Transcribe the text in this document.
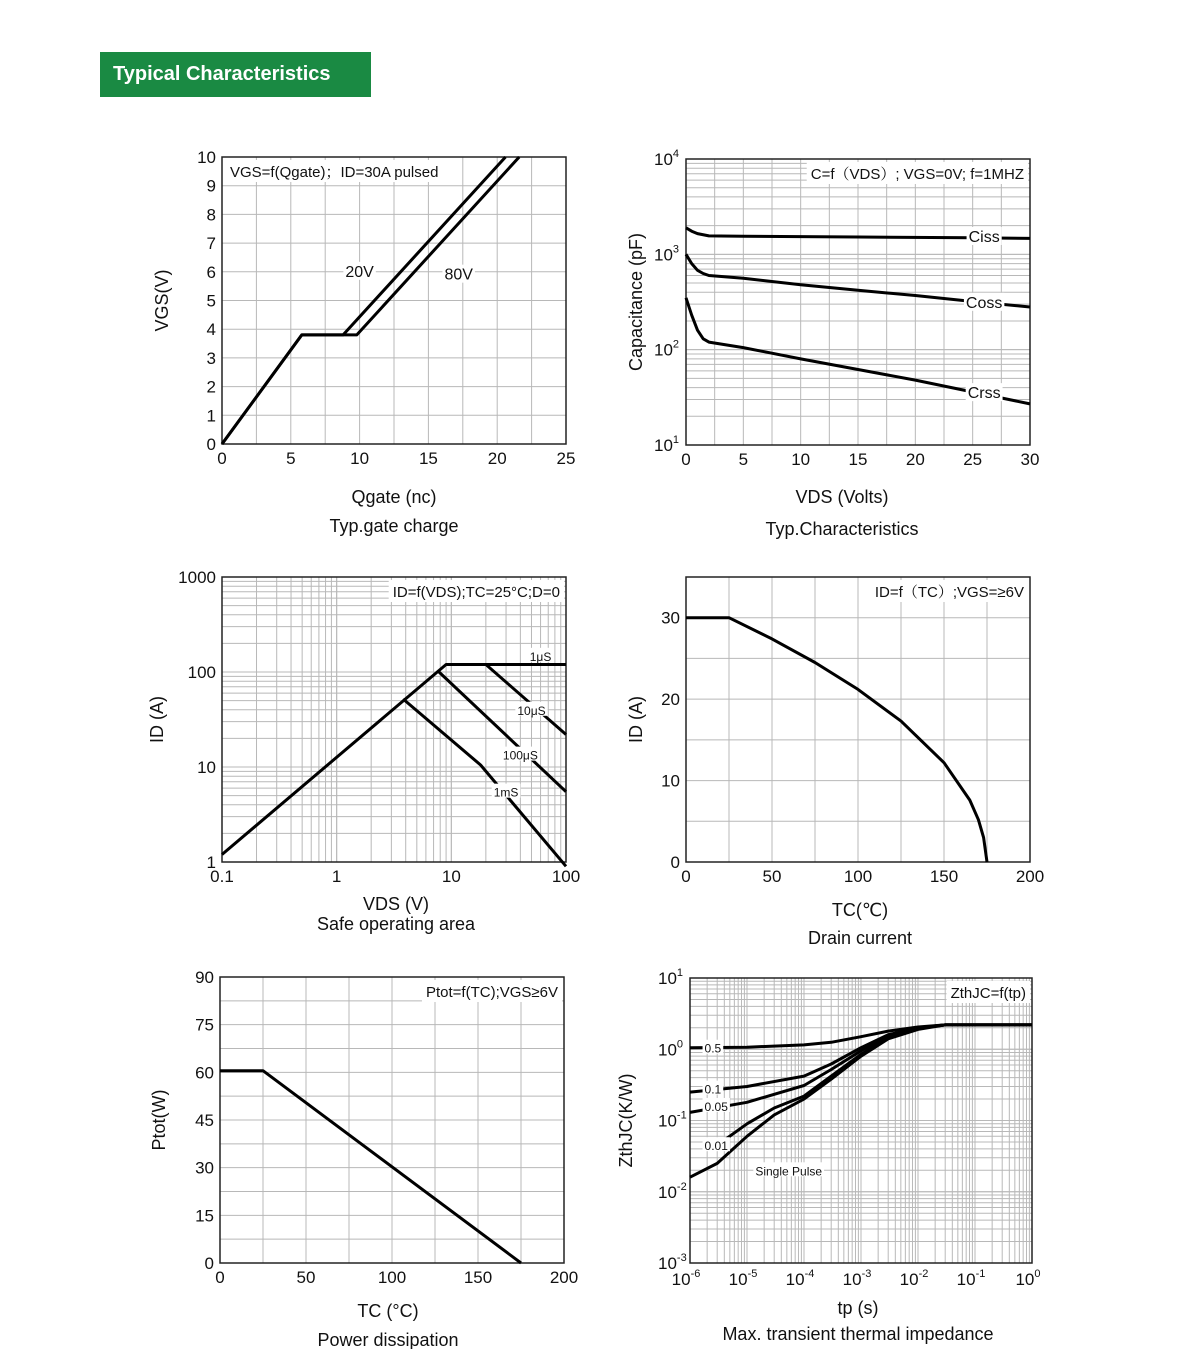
Typical Characteristics
0	5	10	15	20	25
0
1
2
3
4
5
6
7
8
9
10
VGS=f(Qgate)；ID=30A pulsed
20V	80V
Qgate (nc)
VGS(V)
Typ.gate charge
0	5	10 15 20 25 30
$10^1$
$10^2$
$10^3$
$10^4$
C=f（VDS）; VGS=0V; f=1MHZ
Ciss
Coss
Crss
VDS (Volts)
Capacitance (pF)
Typ.Characteristics
0.1	1	10	100
1
10
100
1000
ID=f(VDS);TC=25°C;D=0
1μS
10μS
100μS
1mS
VDS (V)
ID (A)
Safe operating area
0	50	100	150	200
0
10
20
30
ID=f（TC）;VGS=≥6V
TC(℃)
ID (A)
Drain current
0	50	100	150	200
0
15
30
45
60
75
90
Ptot=f(TC);VGS≥6V
TC (°C)
Ptot(W)
Power dissipation
$10^{-6}$ $10^{-5}$ $10^{-4}$ $10^{-3}$ $10^{-2}$ $10^{-1}$ $10^0$
$10^{-3}$
$10^{-2}$
$10^{-1}$
$10^0$
$10^1$
ZthJC=f(tp)
0.5
0.1
0.05
0.01
Single Pulse
tp (s)
ZthJC(K/W)
Max. transient thermal impedance
